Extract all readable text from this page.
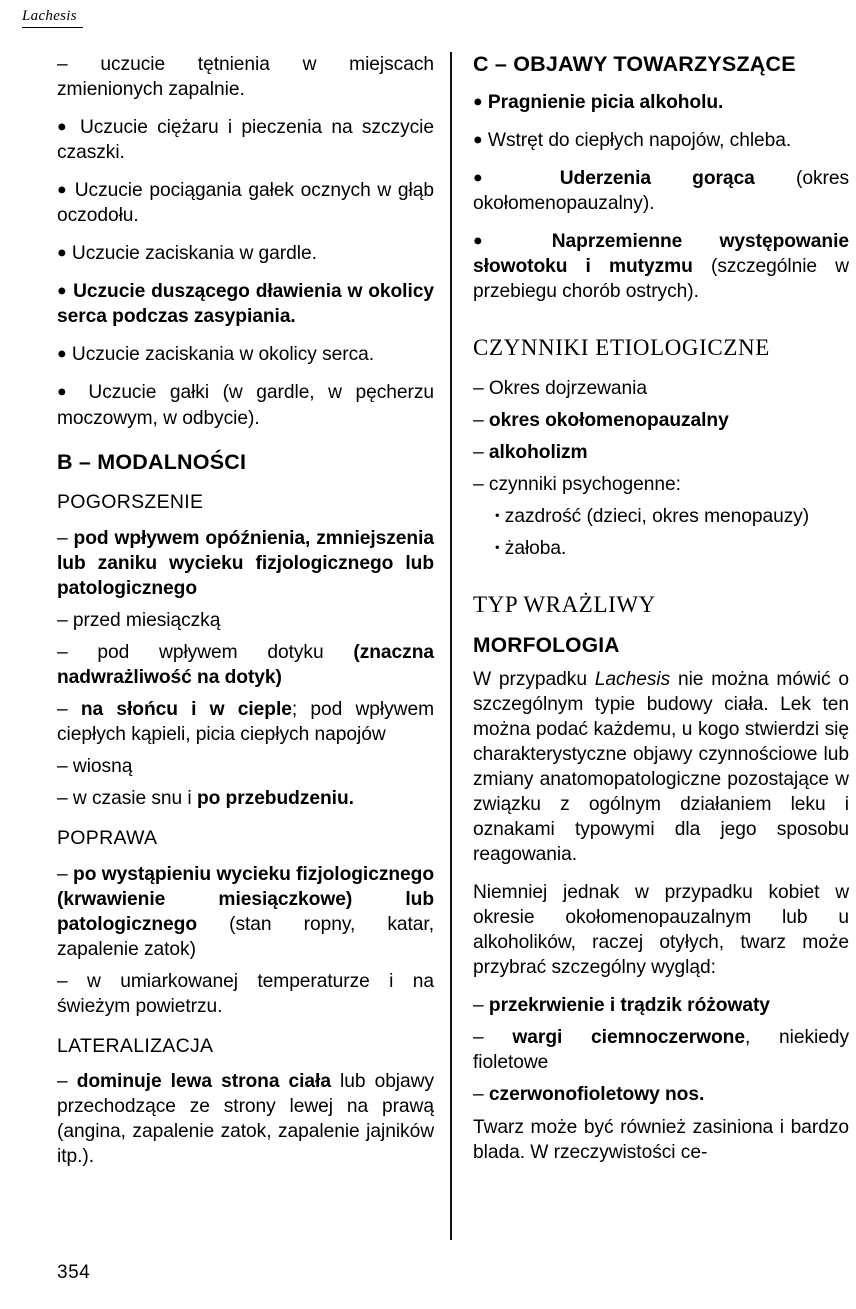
Lachesis

– uczucie tętnienia w miejscach zmienionych zapalnie.

● Uczucie ciężaru i pieczenia na szczycie czaszki.

● Uczucie pociągania gałek ocznych w głąb oczodołu.

● Uczucie zaciskania w gardle.

● Uczucie duszącego dławienia w okolicy serca podczas zasypiania.

● Uczucie zaciskania w okolicy serca.

● Uczucie gałki (w gardle, w pęcherzu moczowym, w odbycie).

B – MODALNOŚCI
POGORSZENIE

– pod wpływem opóźnienia, zmniejszenia lub zaniku wycieku fizjologicznego lub patologicznego

– przed miesiączką

– pod wpływem dotyku (znaczna nadwrażliwość na dotyk)

– na słońcu i w cieple; pod wpływem ciepłych kąpieli, picia ciepłych napojów

– wiosną

– w czasie snu i po przebudzeniu.

POPRAWA

– po wystąpieniu wycieku fizjologicznego (krwawienie miesiączkowe) lub patologicznego (stan ropny, katar, zapalenie zatok)

– w umiarkowanej temperaturze i na świeżym powietrzu.

LATERALIZACJA

– dominuje lewa strona ciała lub objawy przechodzące ze strony lewej na prawą (angina, zapalenie zatok, zapalenie jajników itp.).

C – OBJAWY TOWARZYSZĄCE

● Pragnienie picia alkoholu.

● Wstręt do ciepłych napojów, chleba.

● Uderzenia gorąca (okres okołomenopauzalny).

● Naprzemienne występowanie słowotoku i mutyzmu (szczególnie w przebiegu chorób ostrych).

CZYNNIKI ETIOLOGICZNE

– Okres dojrzewania

– okres okołomenopauzalny

– alkoholizm

– czynniki psychogenne:

• zazdrość (dzieci, okres menopauzy)

• żałoba.

TYP WRAŻLIWY
MORFOLOGIA

W przypadku Lachesis nie można mówić o szczególnym typie budowy ciała. Lek ten można podać każdemu, u kogo stwierdzi się charakterystyczne objawy czynnościowe lub zmiany anatomopatologiczne pozostające w związku z ogólnym działaniem leku i oznakami typowymi dla jego sposobu reagowania.

Niemniej jednak w przypadku kobiet w okresie okołomenopauzalnym lub u alkoholików, raczej otyłych, twarz może przybrać szczególny wygląd:

– przekrwienie i trądzik różowaty

– wargi ciemnoczerwone, niekiedy fioletowe

– czerwonofioletowy nos.

Twarz może być również zasiniona i bardzo blada. W rzeczywistości ce-

354
